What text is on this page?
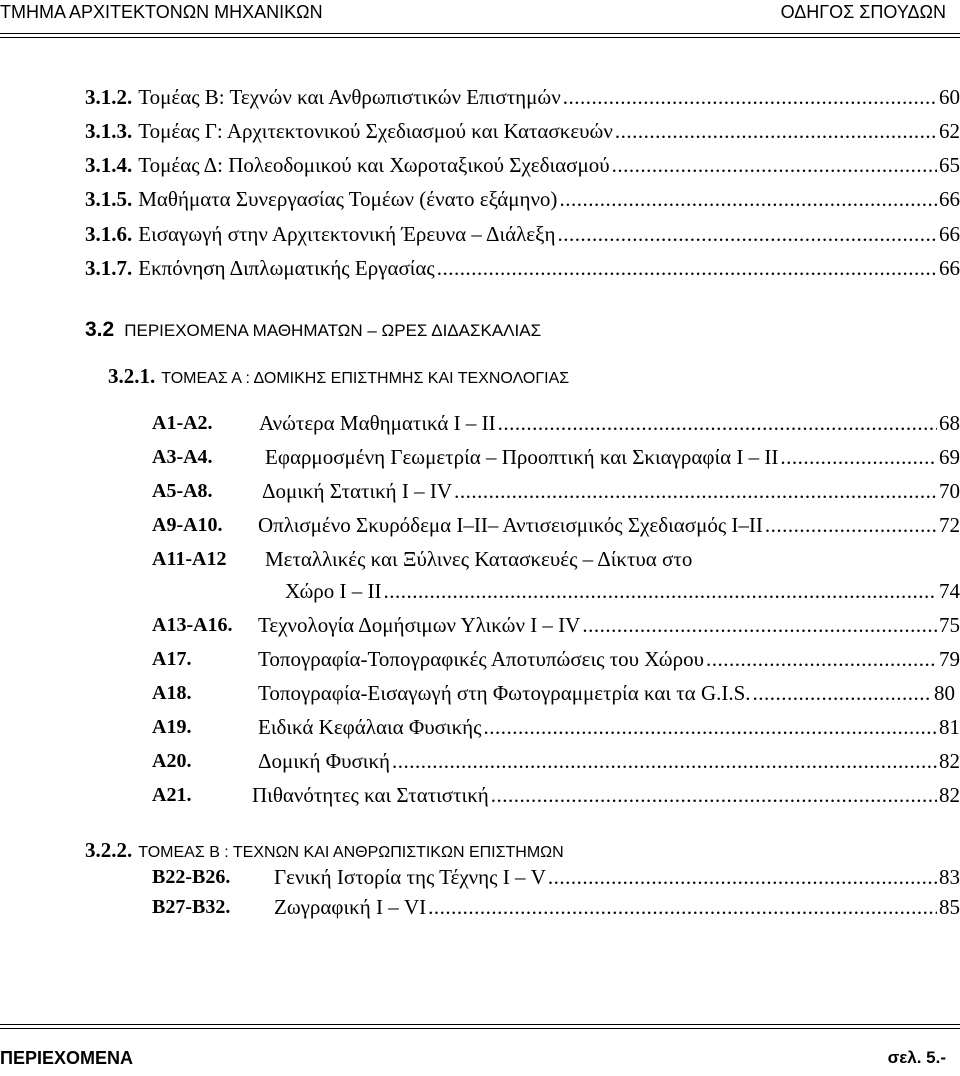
ΤΜΗΜΑ ΑΡΧΙΤΕΚΤΟΝΩΝ ΜΗΧΑΝΙΚΩΝ	ΟΔΗΓΟΣ ΣΠΟΥΔΩΝ
3.1.2. Τομέας Β: Τεχνών και Ανθρωπιστικών Επιστημών .....	60
3.1.3. Τομέας Γ: Αρχιτεκτονικού Σχεδιασμού και Κατασκευών .....	62
3.1.4. Τομέας Δ: Πολεοδομικού και Χωροταξικού Σχεδιασμού .....	65
3.1.5. Μαθήματα Συνεργασίας Τομέων (ένατο εξάμηνο) .....	66
3.1.6. Εισαγωγή στην Αρχιτεκτονική Έρευνα – Διάλεξη .....	66
3.1.7. Εκπόνηση Διπλωματικής Εργασίας .....	66
3.2 ΠΕΡΙΕΧΟΜΕΝΑ ΜΑΘΗΜΑΤΩΝ – ΩΡΕΣ ΔΙΔΑΣΚΑΛΙΑΣ
3.2.1. ΤΟΜΕΑΣ Α : ΔΟΜΙΚΗΣ ΕΠΙΣΤΗΜΗΣ ΚΑΙ ΤΕΧΝΟΛΟΓΙΑΣ
Α1-Α2. Ανώτερα Μαθηματικά Ι – ΙΙ .....	68
Α3-Α4. Εφαρμοσμένη Γεωμετρία – Προοπτική και Σκιαγραφία Ι – ΙΙ .....	69
Α5-Α8. Δομική Στατική Ι – ΙV .....	70
Α9-Α10. Οπλισμένο Σκυρόδεμα Ι–ΙΙ– Αντισεισμικός Σχεδιασμός Ι–ΙΙ .....	72
Α11-Α12 Μεταλλικές και Ξύλινες Κατασκευές – Δίκτυα στο
Χώρο Ι – ΙΙ .....	74
Α13-Α16. Τεχνολογία Δομήσιμων Υλικών Ι – ΙV .....	75
Α17.	Τοπογραφία-Τοπογραφικές Αποτυπώσεις του Χώρου .....	79
Α18.	Τοπογραφία-Εισαγωγή στη Φωτογραμμετρία και τα G.I.S. .....	80
Α19.	Ειδικά Κεφάλαια Φυσικής .....	81
Α20.	Δομική Φυσική .....	82
Α21.	Πιθανότητες και Στατιστική .....	82
3.2.2. ΤΟΜΕΑΣ Β : ΤΕΧΝΩΝ ΚΑΙ ΑΝΘΡΩΠΙΣΤΙΚΩΝ ΕΠΙΣΤΗΜΩΝ
Β22-Β26. Γενική Ιστορία της Τέχνης Ι – V .....	83
Β27-Β32. Ζωγραφική Ι – VI .....	85
ΠΕΡΙΕΧΟΜΕΝΑ	σελ. 5.-
